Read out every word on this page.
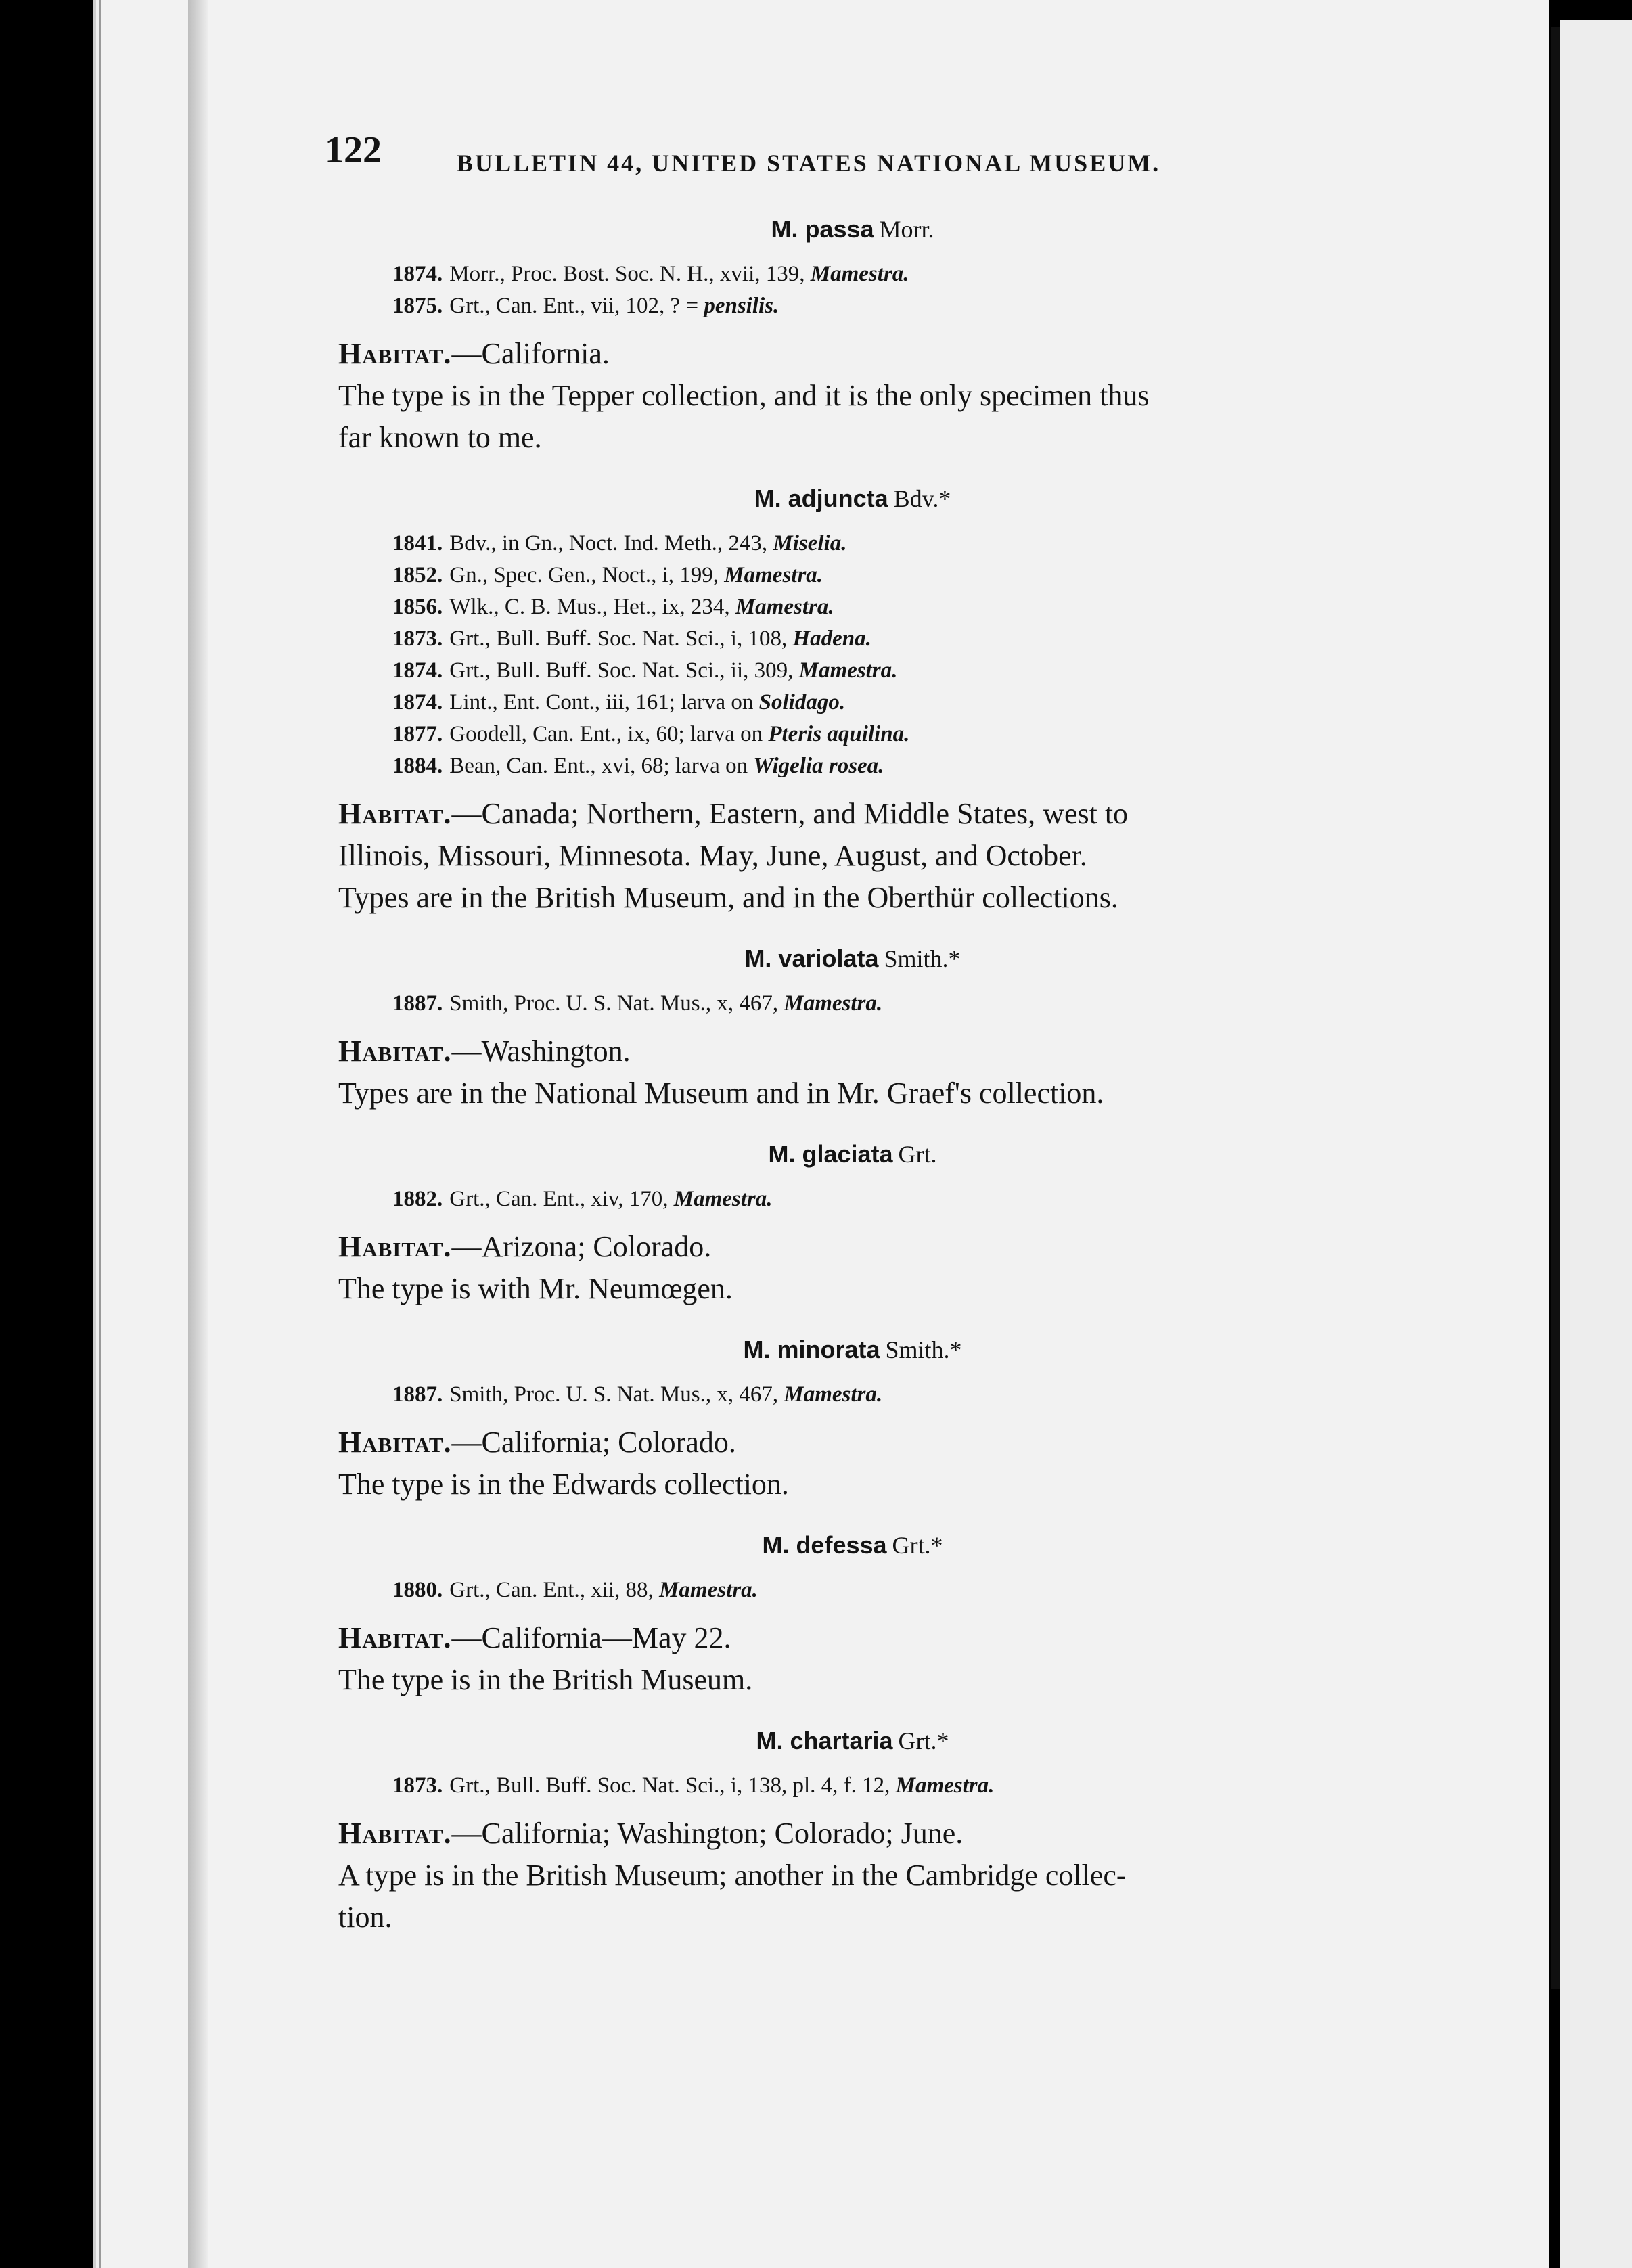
122	BULLETIN 44, UNITED STATES NATIONAL MUSEUM.
M. passa Morr.
1874. Morr., Proc. Bost. Soc. N. H., xvii, 139, Mamestra.
1875. Grt., Can. Ent., vii, 102, ? = pensilis.
Habitat.—California.
The type is in the Tepper collection, and it is the only specimen thus
far known to me.
M. adjuncta Bdv.*
1841. Bdv., in Gn., Noct. Ind. Meth., 243, Miselia.
1852. Gn., Spec. Gen., Noct., i, 199, Mamestra.
1856. Wlk., C. B. Mus., Het., ix, 234, Mamestra.
1873. Grt., Bull. Buff. Soc. Nat. Sci., i, 108, Hadena.
1874. Grt., Bull. Buff. Soc. Nat. Sci., ii, 309, Mamestra.
1874. Lint., Ent. Cont., iii, 161; larva on Solidago.
1877. Goodell, Can. Ent., ix, 60; larva on Pteris aquilina.
1884. Bean, Can. Ent., xvi, 68; larva on Wigelia rosea.
Habitat.—Canada; Northern, Eastern, and Middle States, west to
Illinois, Missouri, Minnesota. May, June, August, and October.
Types are in the British Museum, and in the Oberthür collections.
M. variolata Smith.*
1887. Smith, Proc. U. S. Nat. Mus., x, 467, Mamestra.
Habitat.—Washington.
Types are in the National Museum and in Mr. Graef's collection.
M. glaciata Grt.
1882. Grt., Can. Ent., xiv, 170, Mamestra.
Habitat.—Arizona; Colorado.
The type is with Mr. Neumœgen.
M. minorata Smith.*
1887. Smith, Proc. U. S. Nat. Mus., x, 467, Mamestra.
Habitat.—California; Colorado.
The type is in the Edwards collection.
M. defessa Grt.*
1880. Grt., Can. Ent., xii, 88, Mamestra.
Habitat.—California—May 22.
The type is in the British Museum.
M. chartaria Grt.*
1873. Grt., Bull. Buff. Soc. Nat. Sci., i, 138, pl. 4, f. 12, Mamestra.
Habitat.—California; Washington; Colorado; June.
A type is in the British Museum; another in the Cambridge collec-
tion.
